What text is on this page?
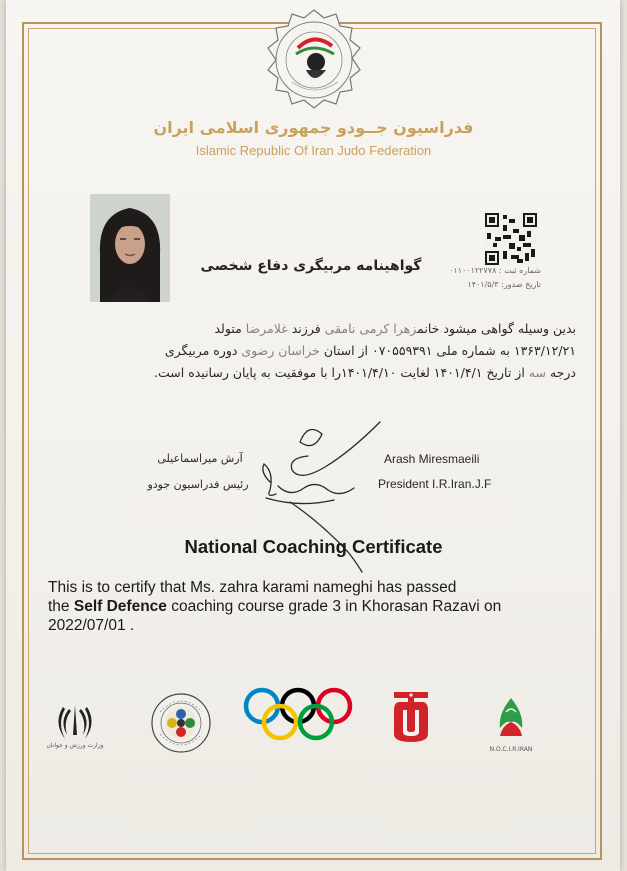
فدراسیون جــودو جمهوری اسلامی ایران
Islamic Republic Of Iran Judo Federation
گواهینامه مربیگری دفاع شخصی	شماره ثبت : ۰۱۱۰۰۱۲۲۷۷۸
تاریخ صدور: ۱۴۰۱/۵/۳
بدین وسیله گواهی میشود خانمزهرا کرمی نامقی فرزند غلامرضا متولد
۱۳۶۳/۱۲/۲۱ به شماره ملی ۰۷۰۵۵۹۳۹۱ از استان خراسان رضوی دوره مربیگری
درجه سه از تاریخ ۱۴۰۱/۴/۱ لغایت ۱۴۰۱/۴/۱۰را با موفقیت به پایان رسانیده است.
آرش میراسماعیلی
رئیس فدراسیون جودو
Arash Miresmaeili
President I.R.Iran.J.F
National Coaching Certificate
This is to certify that Ms. zahra karami nameghi has passed
the Self Defence coaching course grade 3 in Khorasan Razavi on
2022/07/01 .
وزارت ورزش و جوانان
N.O.C.I.R.IRAN
